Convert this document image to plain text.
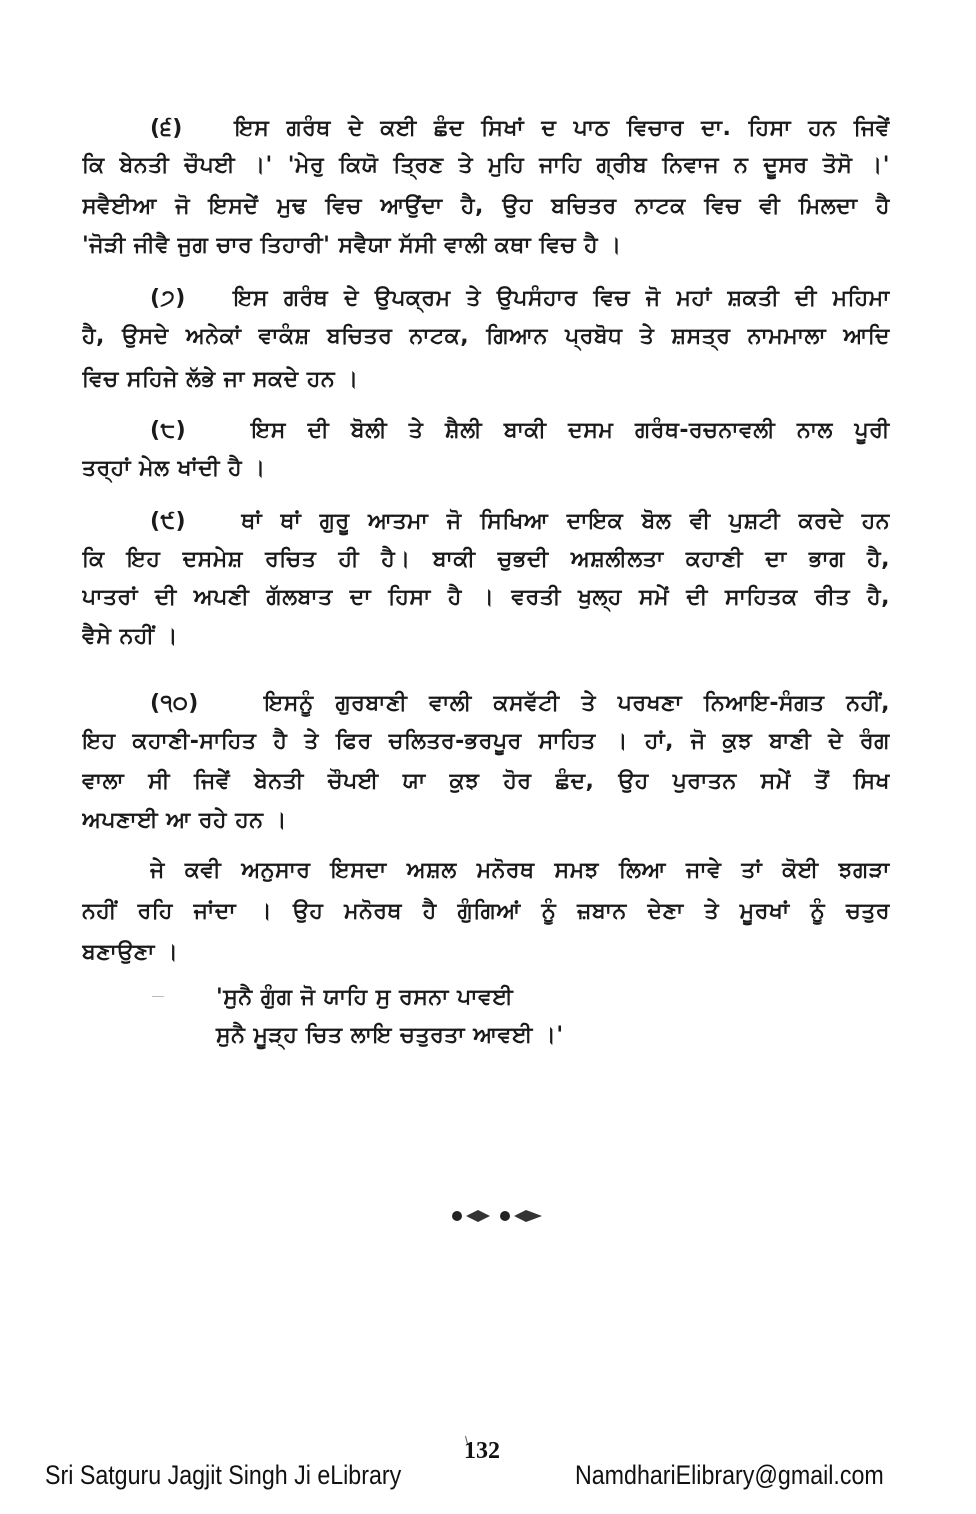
(੬) ਇਸ ਗਰੰਥ ਦੇ ਕਈ ਛੰਦ ਸਿਖਾਂ ਦ ਪਾਠ ਵਿਚਾਰ ਦਾ. ਹਿਸਾ ਹਨ ਜਿਵੇਂ
ਕਿ ਬੇਨਤੀ ਚੌਪਈ ।' 'ਮੇਰੁ ਕਿਯੋ ਤ੍ਰਿਣ ਤੇ ਮੁਹਿ ਜਾਹਿ ਗ੍ਰੀਬ ਨਿਵਾਜ ਨ ਦੂਸਰ ਤੋਸੋ ।'
ਸਵੈਈਆ ਜੋ ਇਸਦੇਂ ਮੁਢ ਵਿਚ ਆਉਂਦਾ ਹੈ, ਉਹ ਬਚਿਤਰ ਨਾਟਕ ਵਿਚ ਵੀ ਮਿਲਦਾ ਹੈ
'ਜੋੜੀ ਜੀਵੈ ਜੁਗ ਚਾਰ ਤਿਹਾਰੀ' ਸਵੈਯਾ ਸੱਸੀ ਵਾਲੀ ਕਥਾ ਵਿਚ ਹੈ ।
(੭) ਇਸ ਗਰੰਥ ਦੇ ਉਪਕ੍ਰਮ ਤੇ ਉਪਸੰਹਾਰ ਵਿਚ ਜੋ ਮਹਾਂ ਸ਼ਕਤੀ ਦੀ ਮਹਿਮਾ
ਹੈ, ਉਸਦੇ ਅਨੇਕਾਂ ਵਾਕੰਸ਼ ਬਚਿਤਰ ਨਾਟਕ, ਗਿਆਨ ਪ੍ਰਬੋਧ ਤੇ ਸ਼ਸਤ੍ਰ ਨਾਮਮਾਲਾ ਆਦਿ
ਵਿਚ ਸਹਿਜੇ ਲੱਭੇ ਜਾ ਸਕਦੇ ਹਨ ।
(੮)	ਇਸ ਦੀ ਬੋਲੀ ਤੇ ਸ਼ੈਲੀ ਬਾਕੀ ਦਸਮ ਗਰੰਥ-ਰਚਨਾਵਲੀ ਨਾਲ ਪੂਰੀ
ਤਰ੍ਹਾਂ ਮੇਲ ਖਾਂਦੀ ਹੈ ।
(੯)	ਥਾਂ ਥਾਂ ਗੁਰੂ ਆਤਮਾ ਜੋ ਸਿਖਿਆ ਦਾਇਕ ਬੋਲ ਵੀ ਪੁਸ਼ਟੀ ਕਰਦੇ ਹਨ
ਕਿ ਇਹ ਦਸਮੇਸ਼ ਰਚਿਤ ਹੀ ਹੈ। ਬਾਕੀ ਚੁਭਦੀ ਅਸ਼ਲੀਲਤਾ ਕਹਾਣੀ ਦਾ ਭਾਗ ਹੈ,
ਪਾਤਰਾਂ ਦੀ ਅਪਣੀ ਗੱਲਬਾਤ ਦਾ ਹਿਸਾ ਹੈ । ਵਰਤੀ ਖੁਲ੍ਹ ਸਮੇਂ ਦੀ ਸਾਹਿਤਕ ਰੀਤ ਹੈ,
ਵੈਸੇ ਨਹੀਂ ।
(੧੦)	ਇਸਨੂੰ ਗੁਰਬਾਣੀ ਵਾਲੀ ਕਸਵੱਟੀ ਤੇ ਪਰਖਣਾ ਨਿਆਇ-ਸੰਗਤ ਨਹੀਂ,
ਇਹ ਕਹਾਣੀ-ਸਾਹਿਤ ਹੈ ਤੇ ਫਿਰ ਚਲਿਤਰ-ਭਰਪੂਰ ਸਾਹਿਤ । ਹਾਂ, ਜੋ ਕੁਝ ਬਾਣੀ ਦੇ ਰੰਗ
ਵਾਲਾ ਸੀ ਜਿਵੇਂ ਬੇਨਤੀ ਚੌਪਈ ਯਾ ਕੁਝ ਹੋਰ ਛੰਦ, ਉਹ ਪੁਰਾਤਨ ਸਮੇਂ ਤੋਂ ਸਿਖ
ਅਪਣਾਈ ਆ ਰਹੇ ਹਨ ।
ਜੇ ਕਵੀ ਅਨੁਸਾਰ ਇਸਦਾ ਅਸ਼ਲ ਮਨੋਰਥ ਸਮਝ ਲਿਆ ਜਾਵੇ ਤਾਂ ਕੋਈ ਝਗੜਾ
ਨਹੀਂ ਰਹਿ ਜਾਂਦਾ । ਉਹ ਮਨੋਰਥ ਹੈ ਗੁੰਗਿਆਂ ਨੂੰ ਜ਼ਬਾਨ ਦੇਣਾ ਤੇ ਮੂਰਖਾਂ ਨੂੰ ਚਤੁਰ
ਬਣਾਉਣਾ ।
'ਸੁਨੈ ਗੁੰਗ ਜੋ ਯਾਹਿ ਸੁ ਰਸਨਾ ਪਾਵਈ
ਸੁਨੈ ਮੂੜ੍ਹ ਚਿਤ ਲਾਇ ਚਤੁਰਤਾ ਆਵਈ ।'
132
Sri Satguru Jagjit Singh Ji eLibrary	NamdhariElibrary@gmail.com
